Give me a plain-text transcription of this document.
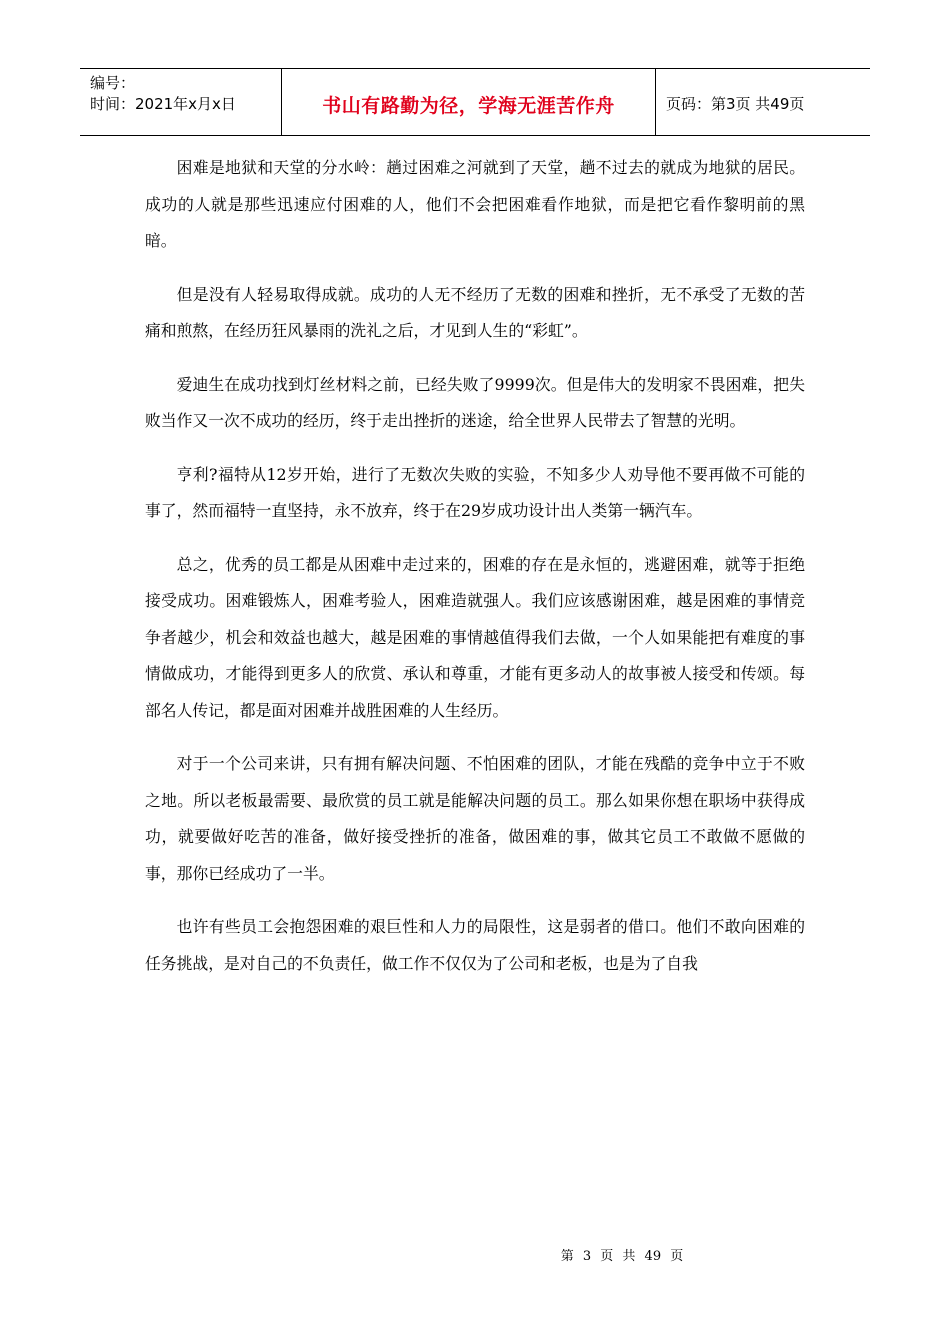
编号：
时间：2021年x月x日	书山有路勤为径，学海无涯苦作舟	页码：第3页 共49页

困难是地狱和天堂的分水岭：趟过困难之河就到了天堂，趟不过去的就成为地狱的居民。成功的人就是那些迅速应付困难的人，他们不会把困难看作地狱，而是把它看作黎明前的黑暗。

但是没有人轻易取得成就。成功的人无不经历了无数的困难和挫折，无不承受了无数的苦痛和煎熬，在经历狂风暴雨的洗礼之后，才见到人生的“彩虹”。

爱迪生在成功找到灯丝材料之前，已经失败了9999次。但是伟大的发明家不畏困难，把失败当作又一次不成功的经历，终于走出挫折的迷途，给全世界人民带去了智慧的光明。

亨利?福特从12岁开始，进行了无数次失败的实验，不知多少人劝导他不要再做不可能的事了，然而福特一直坚持，永不放弃，终于在29岁成功设计出人类第一辆汽车。

总之，优秀的员工都是从困难中走过来的，困难的存在是永恒的，逃避困难，就等于拒绝接受成功。困难锻炼人，困难考验人，困难造就强人。我们应该感谢困难，越是困难的事情竞争者越少，机会和效益也越大，越是困难的事情越值得我们去做，一个人如果能把有难度的事情做成功，才能得到更多人的欣赏、承认和尊重，才能有更多动人的故事被人接受和传颂。每部名人传记，都是面对困难并战胜困难的人生经历。

对于一个公司来讲，只有拥有解决问题、不怕困难的团队，才能在残酷的竞争中立于不败之地。所以老板最需要、最欣赏的员工就是能解决问题的员工。那么如果你想在职场中获得成功，就要做好吃苦的准备，做好接受挫折的准备，做困难的事，做其它员工不敢做不愿做的事，那你已经成功了一半。

也许有些员工会抱怨困难的艰巨性和人力的局限性，这是弱者的借口。他们不敢向困难的任务挑战，是对自己的不负责任，做工作不仅仅为了公司和老板，也是为了自我

第 3 页 共 49 页
